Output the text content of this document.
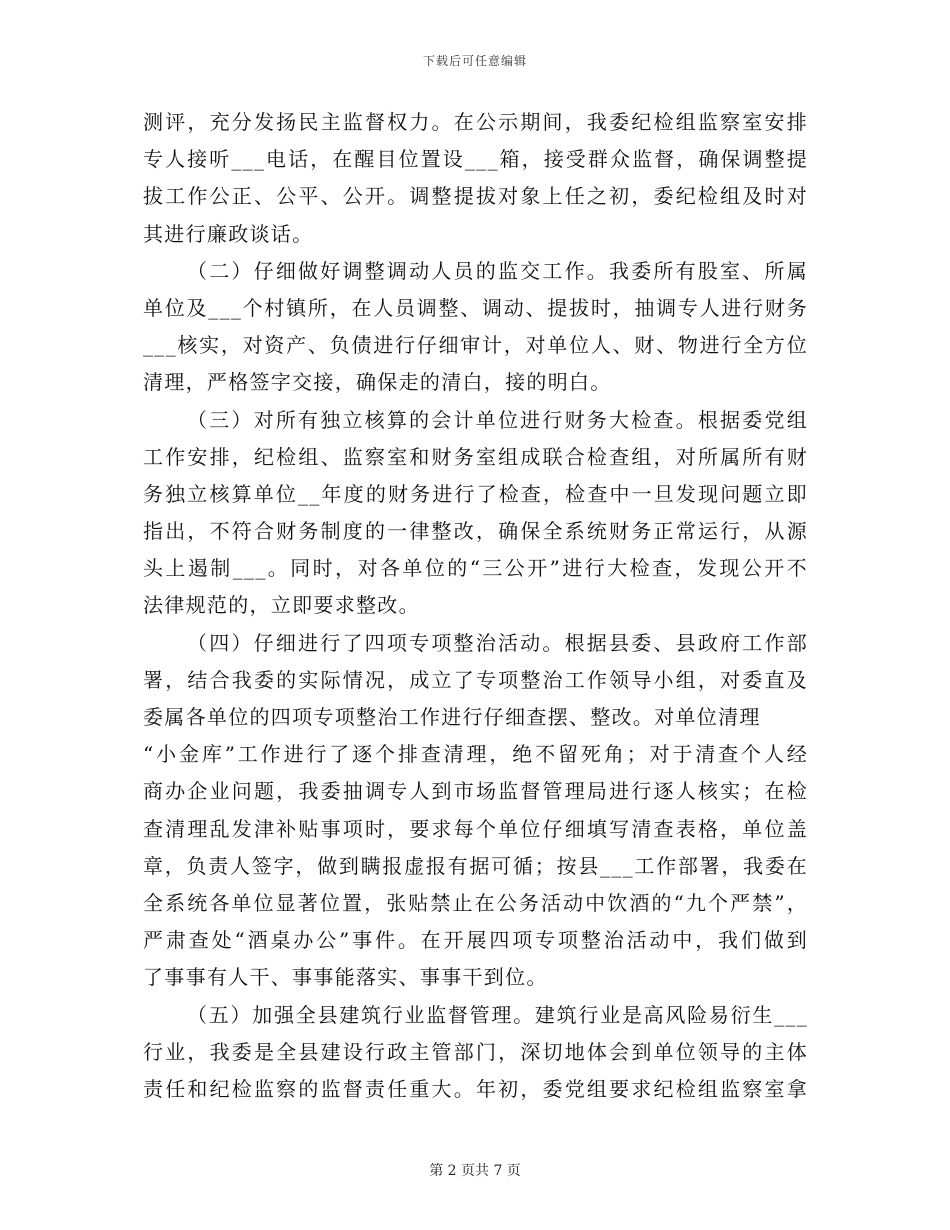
下载后可任意编辑
测评，充分发扬民主监督权力。在公示期间，我委纪检组监察室安排
专人接听___电话，在醒目位置设___箱，接受群众监督，确保调整提
拔工作公正、公平、公开。调整提拔对象上任之初，委纪检组及时对
其进行廉政谈话。
（二）仔细做好调整调动人员的监交工作。我委所有股室、所属
单位及___个村镇所，在人员调整、调动、提拔时，抽调专人进行财务
___核实，对资产、负债进行仔细审计，对单位人、财、物进行全方位
清理，严格签字交接，确保走的清白，接的明白。
（三）对所有独立核算的会计单位进行财务大检查。根据委党组
工作安排，纪检组、监察室和财务室组成联合检查组，对所属所有财
务独立核算单位__年度的财务进行了检查，检查中一旦发现问题立即
指出，不符合财务制度的一律整改，确保全系统财务正常运行，从源
头上遏制___。同时，对各单位的“三公开”进行大检查，发现公开不
法律规范的，立即要求整改。
（四）仔细进行了四项专项整治活动。根据县委、县政府工作部
署，结合我委的实际情况，成立了专项整治工作领导小组，对委直及
委属各单位的四项专项整治工作进行仔细查摆、整改。对单位清理
“小金库”工作进行了逐个排查清理，绝不留死角；对于清查个人经
商办企业问题，我委抽调专人到市场监督管理局进行逐人核实；在检
查清理乱发津补贴事项时，要求每个单位仔细填写清查表格，单位盖
章，负责人签字，做到瞒报虚报有据可循；按县___工作部署，我委在
全系统各单位显著位置，张贴禁止在公务活动中饮酒的“九个严禁”，
严肃查处“酒桌办公”事件。在开展四项专项整治活动中，我们做到
了事事有人干、事事能落实、事事干到位。
（五）加强全县建筑行业监督管理。建筑行业是高风险易衍生___
行业，我委是全县建设行政主管部门，深切地体会到单位领导的主体
责任和纪检监察的监督责任重大。年初，委党组要求纪检组监察室拿
第 2 页共 7 页
